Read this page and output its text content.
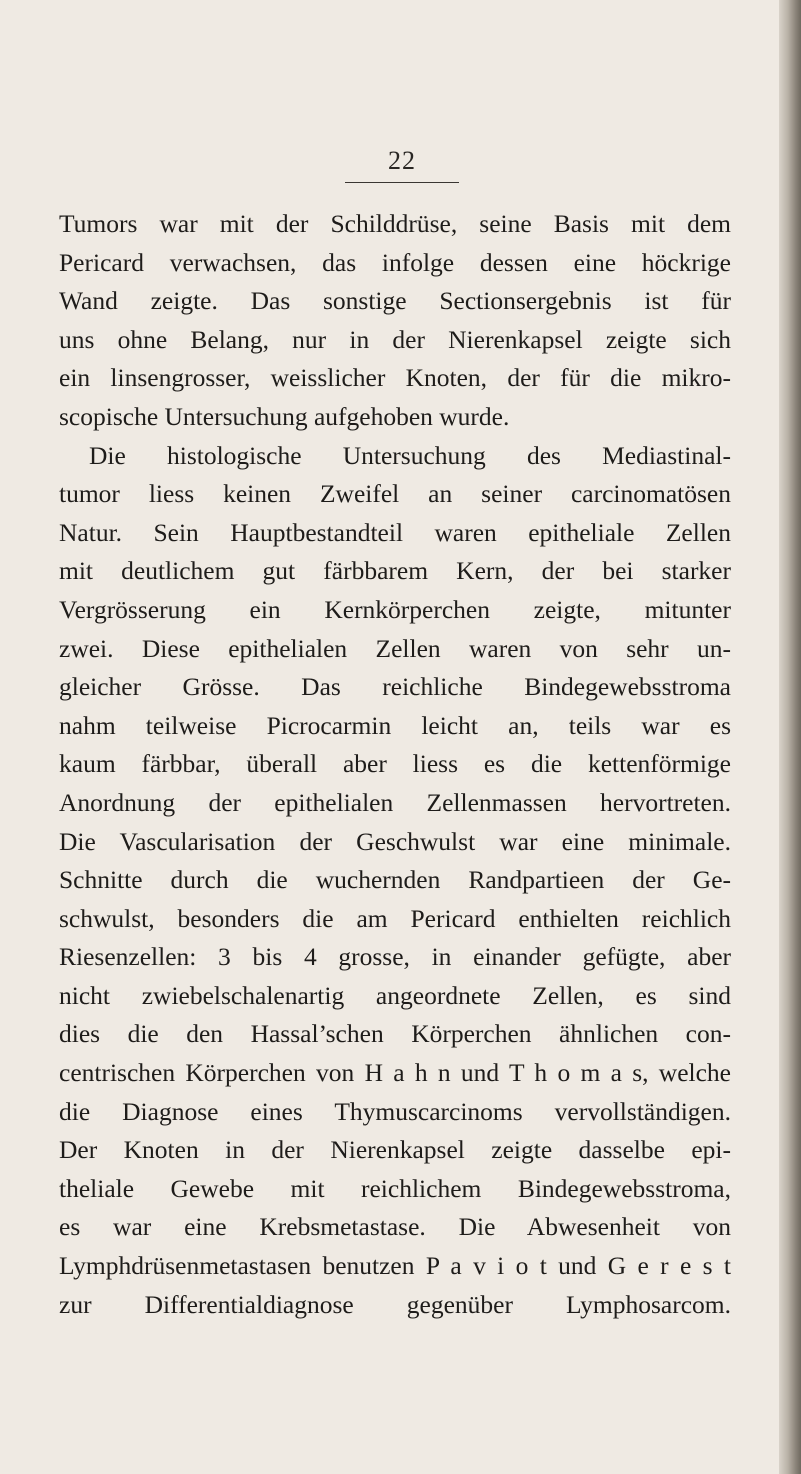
22
Tumors war mit der Schilddrüse, seine Basis mit dem
Pericard verwachsen, das infolge dessen eine höckrige
Wand zeigte. Das sonstige Sectionsergebnis ist für
uns ohne Belang, nur in der Nierenkapsel zeigte sich
ein linsengrosser, weisslicher Knoten, der für die mikro-
scopische Untersuchung aufgehoben wurde.
Die histologische Untersuchung des Mediastinal-
tumor liess keinen Zweifel an seiner carcinomatösen
Natur. Sein Hauptbestandteil waren epitheliale Zellen
mit deutlichem gut färbbarem Kern, der bei starker
Vergrösserung ein Kernkörperchen zeigte, mitunter
zwei. Diese epithelialen Zellen waren von sehr un-
gleicher Grösse. Das reichliche Bindegewebsstroma
nahm teilweise Picrocarmin leicht an, teils war es
kaum färbbar, überall aber liess es die kettenförmige
Anordnung der epithelialen Zellenmassen hervortreten.
Die Vascularisation der Geschwulst war eine minimale.
Schnitte durch die wuchernden Randpartieen der Ge-
schwulst, besonders die am Pericard enthielten reichlich
Riesenzellen: 3 bis 4 grosse, in einander gefügte, aber
nicht zwiebelschalenartig angeordnete Zellen, es sind
dies die den Hassal’schen Körperchen ähnlichen con-
centrischen Körperchen von H a h n und T h o m a s, welche
die Diagnose eines Thymuscarcinoms vervollständigen.
Der Knoten in der Nierenkapsel zeigte dasselbe epi-
theliale Gewebe mit reichlichem Bindegewebsstroma,
es war eine Krebsmetastase. Die Abwesenheit von
Lymphdrüsenmetastasen benutzen P a v i o t und G e r e s t
zur Differentialdiagnose gegenüber Lymphosarcom.
